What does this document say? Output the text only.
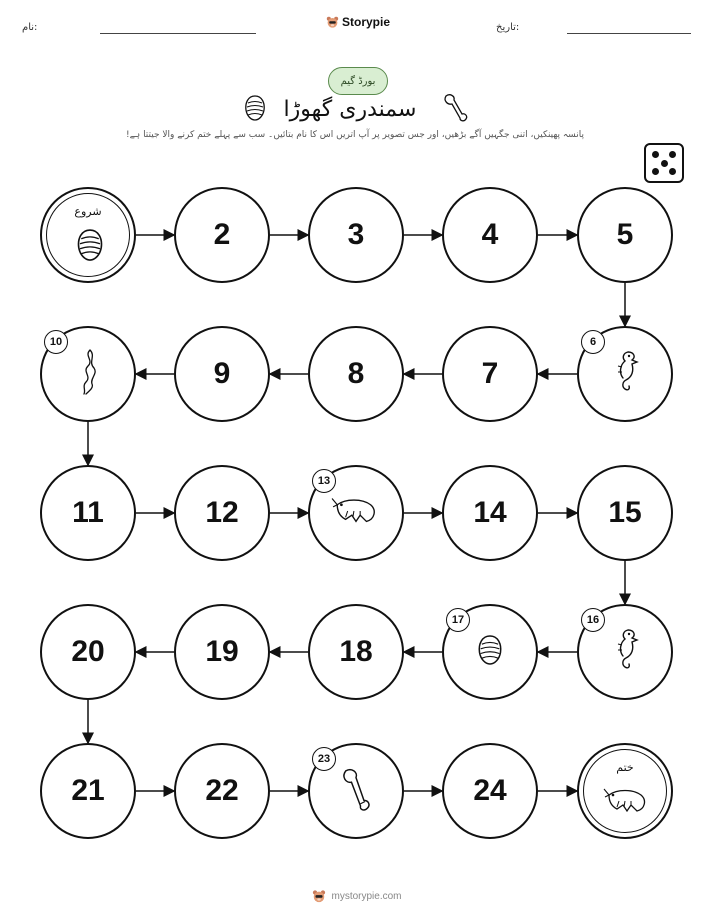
نام:	Storypie	تاریخ:
بورڈ گیم
سمندری گھوڑا
پانسہ پھینکیں، اتنی جگہیں آگے بڑھیں، اور جس تصویر پر آپ اتریں اس کا نام بتائیں۔ سب سے پہلے ختم کرنے والا جیتتا ہے!
شروع
ختم
2	3	4	5
7
8
9
11	12	14	15
18
19
20
21	22	24
6
10
13
16
17
23
mystorypie.com
